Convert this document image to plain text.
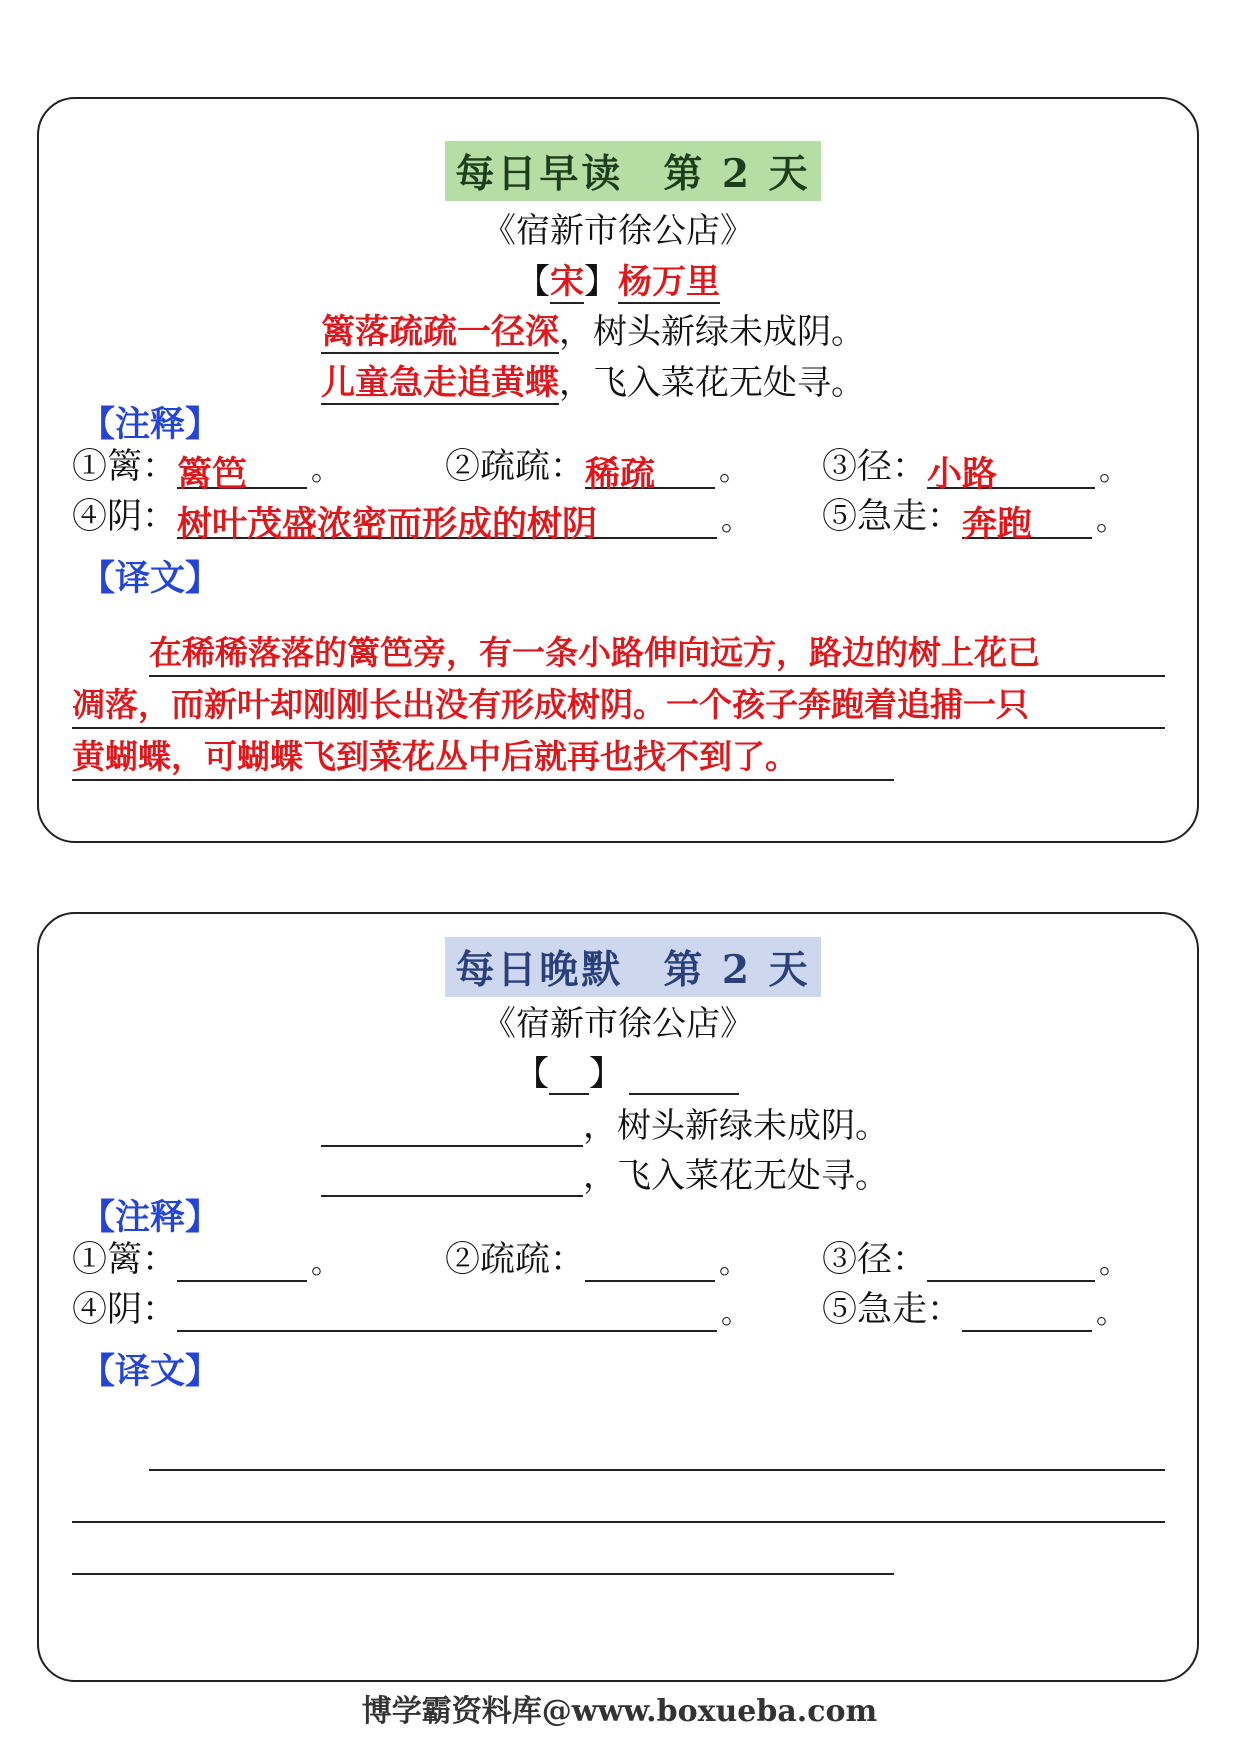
每日早读 第 2 天
《宿新市徐公店》
【宋】杨万里
篱落疏疏一径深，树头新绿未成阴。
儿童急走追黄蝶，飞入菜花无处寻。
【注释】
①篱： 篱笆	。	②疏疏： 稀疏	。 ③径： 小路	。
④阴： 树叶茂盛浓密而形成的树阴	。 ⑤急走： 奔跑	。
【译文】
在稀稀落落的篱笆旁，有一条小路伸向远方，路边的树上花已
凋落，而新叶却刚刚长出没有形成树阴。一个孩子奔跑着追捕一只
黄蝴蝶，可蝴蝶飞到菜花丛中后就再也找不到了。
每日晚默 第 2 天
《宿新市徐公店》
【 】
，树头新绿未成阴。
，飞入菜花无处寻。
【注释】
①篱：	。	②疏疏：	。 ③径：	。
④阴：	。 ⑤急走：	。
【译文】
博学霸资料库@www.boxueba.com
